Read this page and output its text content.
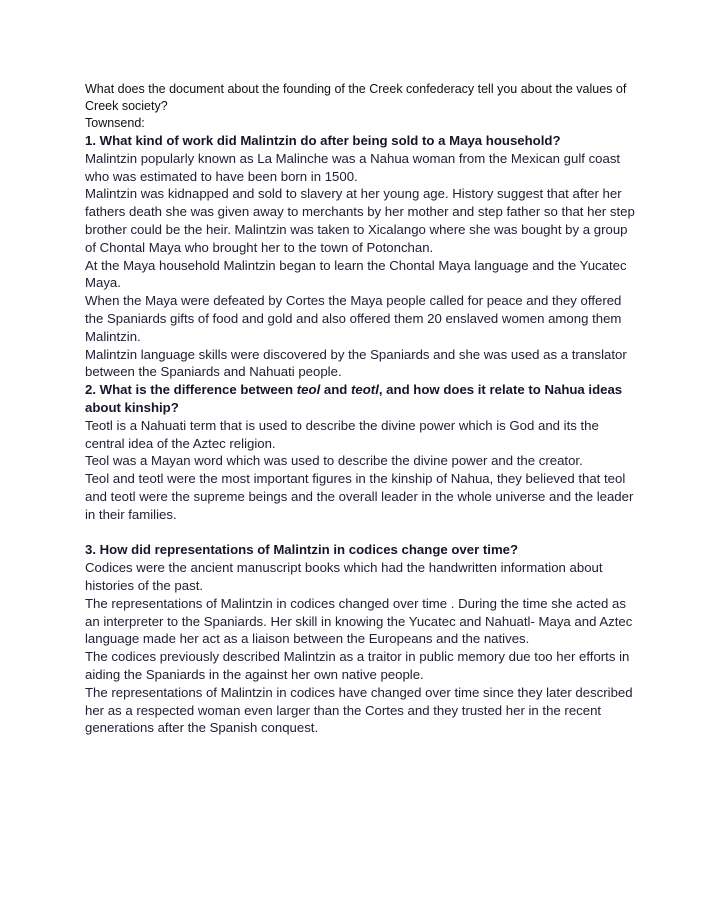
What does the document about the founding of the Creek confederacy tell you about the values of Creek society?

Townsend:

1. What kind of work did Malintzin do after being sold to a Maya household?

Malintzin popularly known as La Malinche was a Nahua woman from the Mexican gulf coast who was estimated to have been born in 1500.

Malintzin was kidnapped and sold to slavery at her young age. History suggest that after her fathers death she was given away to merchants by her mother and step father so that her step brother could be the heir. Malintzin was taken to Xicalango where she was bought by a group of Chontal Maya who brought her to the town of Potonchan.

At the Maya household Malintzin began to learn the Chontal Maya language and the Yucatec Maya.

When the Maya were defeated by Cortes the Maya people called for peace and they offered the Spaniards gifts of food and gold and also offered them 20 enslaved women among them Malintzin.

Malintzin language skills were discovered by the Spaniards and she was used as a translator between the Spaniards and Nahuati people.

2. What is the difference between teol and teotl, and how does it relate to Nahua ideas about kinship?

Teotl is a Nahuati term that is used to describe the divine power which is God and its the central idea of the Aztec religion.

Teol was a Mayan word which was used to describe the divine power and the creator.

Teol and teotl were the most important figures in the kinship of Nahua, they believed that teol and teotl were the supreme beings and the overall leader in the whole universe and the leader in their families.

3. How did representations of Malintzin in codices change over time?

Codices were the ancient manuscript books which had the handwritten information about histories of the past.

The representations of Malintzin in codices changed over time . During the time she acted as an interpreter to the Spaniards. Her skill in knowing the Yucatec and Nahuatl- Maya and Aztec language made her act as a liaison between the Europeans and the natives.

The codices previously described Malintzin as a traitor in public memory due too her efforts in aiding the Spaniards in the against her own native people.

The representations of Malintzin in codices have changed over time since they later described her as a respected woman even larger than the Cortes and they trusted her in the recent generations after the Spanish conquest.
